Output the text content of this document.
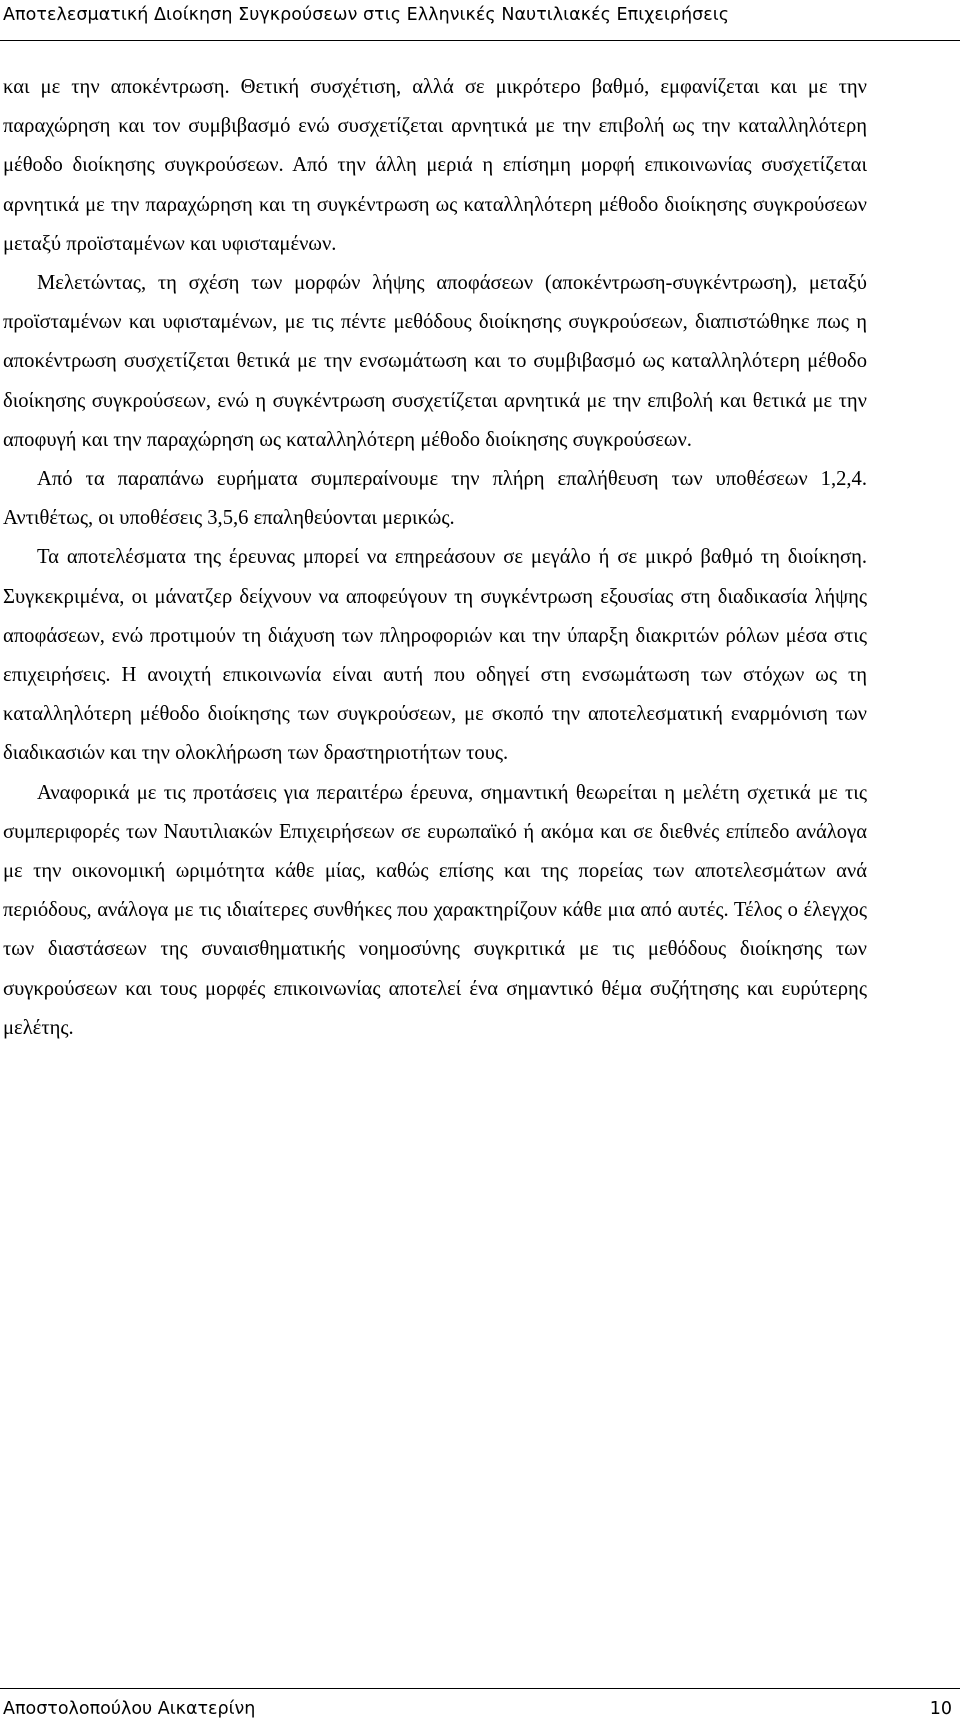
Αποτελεσματική Διοίκηση Συγκρούσεων στις Ελληνικές Ναυτιλιακές Επιχειρήσεις

και με την αποκέντρωση. Θετική συσχέτιση, αλλά σε μικρότερο βαθμό, εμφανίζεται και με την παραχώρηση και τον συμβιβασμό ενώ συσχετίζεται αρνητικά με την επιβολή ως την καταλληλότερη μέθοδο διοίκησης συγκρούσεων. Από την άλλη μεριά η επίσημη μορφή επικοινωνίας συσχετίζεται αρνητικά με την παραχώρηση και τη συγκέντρωση ως καταλληλότερη μέθοδο διοίκησης συγκρούσεων μεταξύ προϊσταμένων και υφισταμένων.

Μελετώντας, τη σχέση των μορφών λήψης αποφάσεων (αποκέντρωση-συγκέντρωση), μεταξύ προϊσταμένων και υφισταμένων, με τις πέντε μεθόδους διοίκησης συγκρούσεων, διαπιστώθηκε πως η αποκέντρωση συσχετίζεται θετικά με την ενσωμάτωση και το συμβιβασμό ως καταλληλότερη μέθοδο διοίκησης συγκρούσεων, ενώ η συγκέντρωση συσχετίζεται αρνητικά με την επιβολή και θετικά με την αποφυγή και την παραχώρηση ως καταλληλότερη μέθοδο διοίκησης συγκρούσεων.

Από τα παραπάνω ευρήματα συμπεραίνουμε την πλήρη επαλήθευση των υποθέσεων 1,2,4. Αντιθέτως, οι υποθέσεις 3,5,6 επαληθεύονται μερικώς.

Τα αποτελέσματα της έρευνας μπορεί να επηρεάσουν σε μεγάλο ή σε μικρό βαθμό τη διοίκηση. Συγκεκριμένα, οι μάνατζερ δείχνουν να αποφεύγουν τη συγκέντρωση εξουσίας στη διαδικασία λήψης αποφάσεων, ενώ προτιμούν τη διάχυση των πληροφοριών και την ύπαρξη διακριτών ρόλων μέσα στις επιχειρήσεις. Η ανοιχτή επικοινωνία είναι αυτή που οδηγεί στη ενσωμάτωση των στόχων ως τη καταλληλότερη μέθοδο διοίκησης των συγκρούσεων, με σκοπό την αποτελεσματική εναρμόνιση των διαδικασιών και την ολοκλήρωση των δραστηριοτήτων τους.

Αναφορικά με τις προτάσεις για περαιτέρω έρευνα, σημαντική θεωρείται η μελέτη σχετικά με τις συμπεριφορές των Ναυτιλιακών Επιχειρήσεων σε ευρωπαϊκό ή ακόμα και σε διεθνές επίπεδο ανάλογα με την οικονομική ωριμότητα κάθε μίας, καθώς επίσης και της πορείας των αποτελεσμάτων ανά περιόδους, ανάλογα με τις ιδιαίτερες συνθήκες που χαρακτηρίζουν κάθε μια από αυτές. Τέλος ο έλεγχος των διαστάσεων της συναισθηματικής νοημοσύνης συγκριτικά με τις μεθόδους διοίκησης των συγκρούσεων και τους μορφές επικοινωνίας αποτελεί ένα σημαντικό θέμα συζήτησης και ευρύτερης μελέτης.

Αποστολοπούλου Αικατερίνη	10
